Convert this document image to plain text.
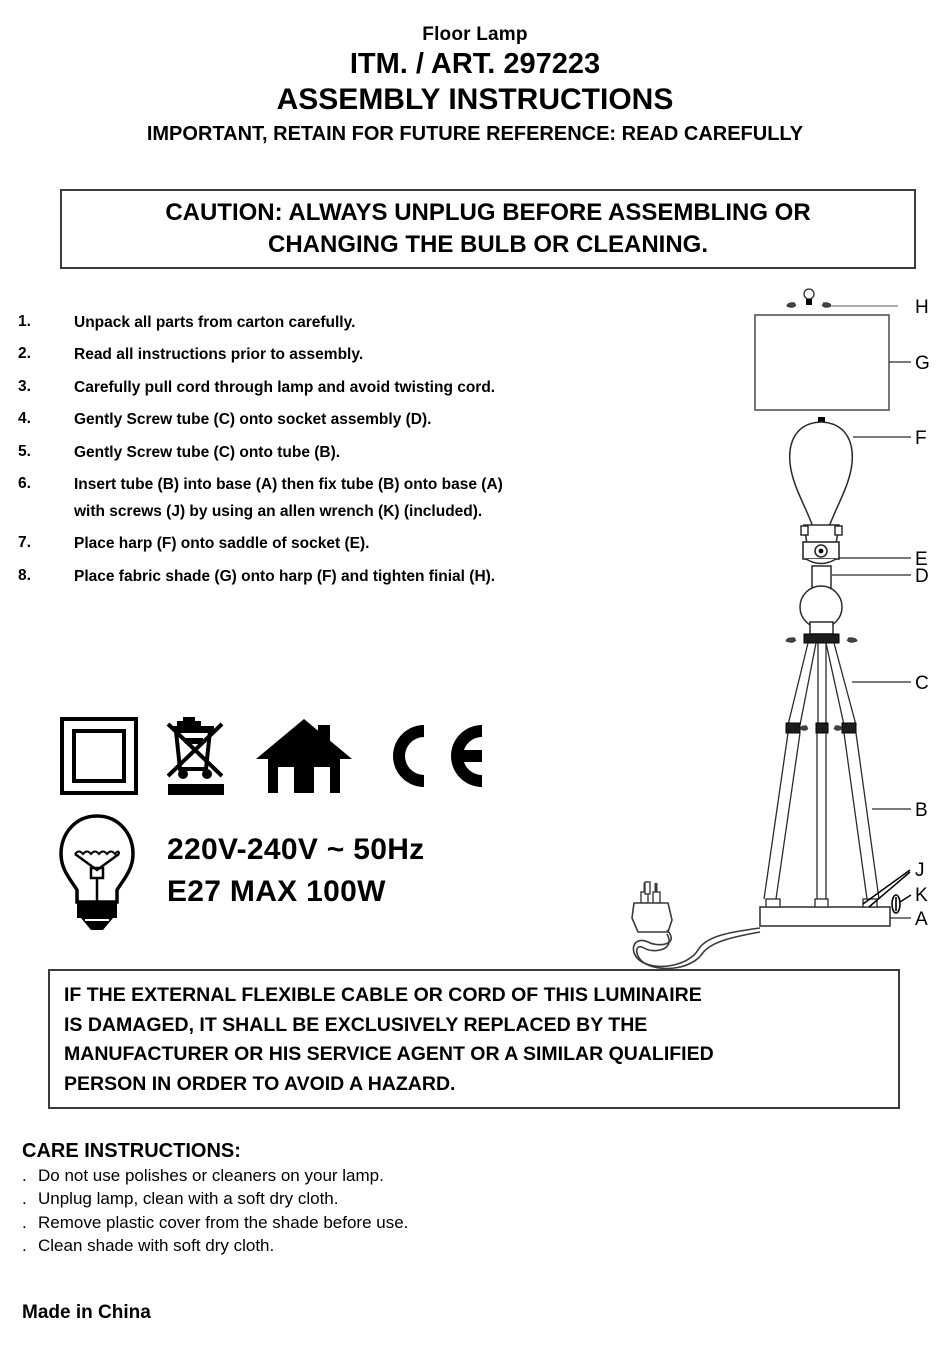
Floor Lamp
ITM. / ART. 297223
ASSEMBLY INSTRUCTIONS
IMPORTANT, RETAIN FOR FUTURE REFERENCE: READ CAREFULLY
CAUTION: ALWAYS UNPLUG BEFORE ASSEMBLING OR
CHANGING THE BULB OR CLEANING.
1.	Unpack all parts from carton carefully.
2.	Read all instructions prior to assembly.
3.	Carefully pull cord through lamp and avoid twisting cord.
4.	Gently Screw tube (C) onto socket assembly (D).
5.	Gently Screw tube (C) onto tube (B).
6.	Insert tube (B) into base (A) then fix tube (B) onto base (A)
with screws (J) by using an allen wrench (K) (included).
7.	Place harp (F) onto saddle of socket (E).
8.	Place fabric shade (G) onto harp (F) and tighten finial (H).
220V-240V ~ 50Hz
E27 MAX 100W
IF THE EXTERNAL FLEXIBLE CABLE OR CORD OF THIS LUMINAIRE
IS DAMAGED, IT SHALL BE EXCLUSIVELY REPLACED BY THE
MANUFACTURER OR HIS SERVICE AGENT OR A SIMILAR QUALIFIED
PERSON IN ORDER TO AVOID A HAZARD.
CARE INSTRUCTIONS:
. Do not use polishes or cleaners on your lamp.
. Unplug lamp, clean with a soft dry cloth.
. Remove plastic cover from the shade before use.
. Clean shade with soft dry cloth.
Made in China
H
G
F
E
D
C
B
J
K
A
